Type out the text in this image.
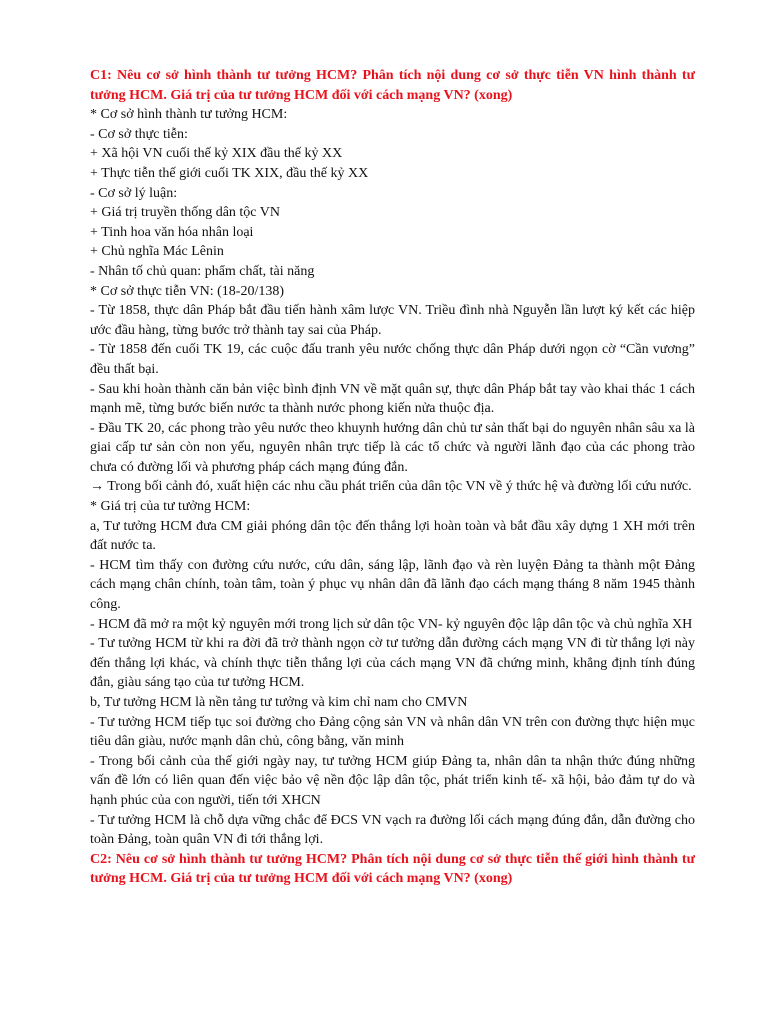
C1: Nêu cơ sở hình thành tư tưởng HCM? Phân tích nội dung cơ sở thực tiễn VN hình thành tư tưởng HCM. Giá trị của tư tưởng HCM đối với cách mạng VN? (xong)

* Cơ sở hình thành tư tưởng HCM:

- Cơ sở thực tiễn:

+ Xã hội VN cuối thế kỷ XIX đầu thế kỷ XX

+ Thực tiễn thế giới cuối TK XIX, đầu thế kỷ XX

- Cơ sở lý luận:

+ Giá trị truyền thống dân tộc VN

+ Tinh hoa văn hóa nhân loại

+ Chủ nghĩa Mác Lênin

- Nhân tố chủ quan: phẩm chất, tài năng

* Cơ sở thực tiễn VN: (18-20/138)

- Từ 1858, thực dân Pháp bắt đầu tiến hành xâm lược VN. Triều đình nhà Nguyễn lần lượt ký kết các hiệp ước đầu hàng, từng bước trở thành tay sai của Pháp.

- Từ 1858 đến cuối TK 19, các cuộc đấu tranh yêu nước chống thực dân Pháp dưới ngọn cờ “Cần vương” đều thất bại.

- Sau khi hoàn thành căn bản việc bình định VN về mặt quân sự, thực dân Pháp bắt tay vào khai thác 1 cách mạnh mẽ, từng bước biến nước ta thành nước phong kiến nửa thuộc địa.

- Đầu TK 20, các phong trào yêu nước theo khuynh hướng dân chủ tư sản thất bại do nguyên nhân sâu xa là giai cấp tư sản còn non yếu, nguyên nhân trực tiếp là các tổ chức và người lãnh đạo của các phong trào chưa có đường lối và phương pháp cách mạng đúng đắn.

→ Trong bối cảnh đó, xuất hiện các nhu cầu phát triển của dân tộc VN về ý thức hệ và đường lối cứu nước.

* Giá trị của tư tưởng HCM:

a, Tư tưởng HCM đưa CM giải phóng dân tộc đến thắng lợi hoàn toàn và bắt đầu xây dựng 1 XH mới trên đất nước ta.

- HCM tìm thấy con đường cứu nước, cứu dân, sáng lập, lãnh đạo và rèn luyện Đảng ta thành một Đảng cách mạng chân chính, toàn tâm, toàn ý phục vụ nhân dân đã lãnh đạo cách mạng tháng 8 năm 1945 thành công.

- HCM đã mở ra một kỷ nguyên mới trong lịch sử dân tộc VN- kỷ nguyên độc lập dân tộc và chủ nghĩa XH

- Tư tưởng HCM từ khi ra đời đã trở thành ngọn cờ tư tưởng dẫn đường cách mạng VN đi từ thắng lợi này đến thắng lợi khác, và chính thực tiễn thắng lợi của cách mạng VN đã chứng minh, khẳng định tính đúng đắn, giàu sáng tạo của tư tưởng HCM.

b, Tư tưởng HCM là nền tảng tư tưởng và kim chỉ nam cho CMVN

- Tư tưởng HCM tiếp tục soi đường cho Đảng cộng sản VN và nhân dân VN trên con đường thực hiện mục tiêu dân giàu, nước mạnh dân chủ, công bằng, văn minh

- Trong bối cảnh của thế giới ngày nay, tư tưởng HCM giúp Đảng ta, nhân dân ta nhận thức đúng những vấn đề lớn có liên quan đến việc bảo vệ nền độc lập dân tộc, phát triển kinh tế- xã hội, bảo đảm tự do và hạnh phúc của con người, tiến tới XHCN

- Tư tưởng HCM là chỗ dựa vững chắc để ĐCS VN vạch ra đường lối cách mạng đúng đắn, dẫn đường cho toàn Đảng, toàn quân VN đi tới thắng lợi.

C2: Nêu cơ sở hình thành tư tưởng HCM? Phân tích nội dung cơ sở thực tiễn thế giới hình thành tư tưởng HCM. Giá trị của tư tưởng HCM đối với cách mạng VN? (xong)
